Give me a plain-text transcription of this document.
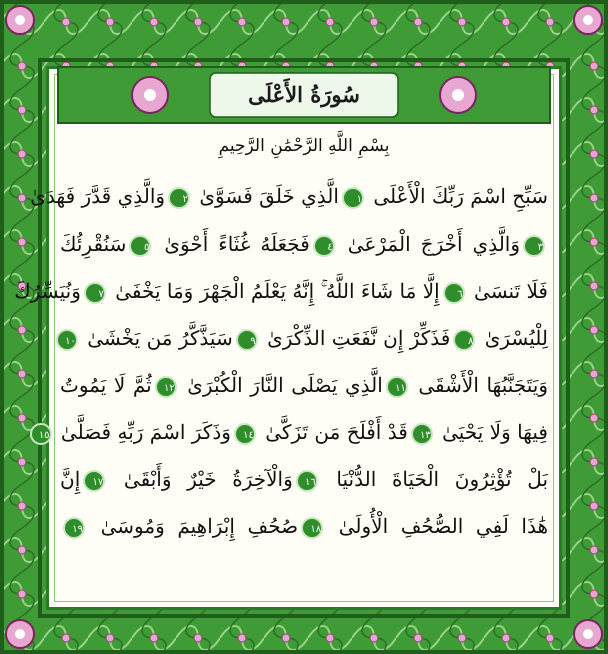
سُورَةُ الأَعْلَى
بِسْمِ اللَّهِ الرَّحْمَٰنِ الرَّحِيمِ
سَبِّحِ اسْمَ رَبِّكَ الْأَعْلَى ١الَّذِي خَلَقَ فَسَوَّىٰ ٢وَالَّذِي قَدَّرَ فَهَدَىٰ
٣وَالَّذِي أَخْرَجَ الْمَرْعَىٰ ٤فَجَعَلَهُ غُثَاءً أَحْوَىٰ ٥سَنُقْرِئُكَ
فَلَا تَنسَىٰ ٦إِلَّا مَا شَاءَ اللَّهُ ۚ إِنَّهُ يَعْلَمُ الْجَهْرَ وَمَا يَخْفَىٰ ٧وَنُيَسِّرُكَ
لِلْيُسْرَىٰ ٨فَذَكِّرْ إِن نَّفَعَتِ الذِّكْرَىٰ ٩سَيَذَّكَّرُ مَن يَخْشَىٰ ١٠
وَيَتَجَنَّبُهَا الْأَشْقَى ١١الَّذِي يَصْلَى النَّارَ الْكُبْرَىٰ ١٢ثُمَّ لَا يَمُوتُ
فِيهَا وَلَا يَحْيَىٰ ١٣قَدْ أَفْلَحَ مَن تَزَكَّىٰ ١٤وَذَكَرَ اسْمَ رَبِّهِ فَصَلَّىٰ ١٥
بَلْ تُؤْثِرُونَ الْحَيَاةَ الدُّنْيَا ١٦وَالْآخِرَةُ خَيْرٌ وَأَبْقَىٰ ١٧إِنَّ
هَٰذَا لَفِي الصُّحُفِ الْأُولَىٰ ١٨صُحُفِ إِبْرَاهِيمَ وَمُوسَىٰ ١٩
